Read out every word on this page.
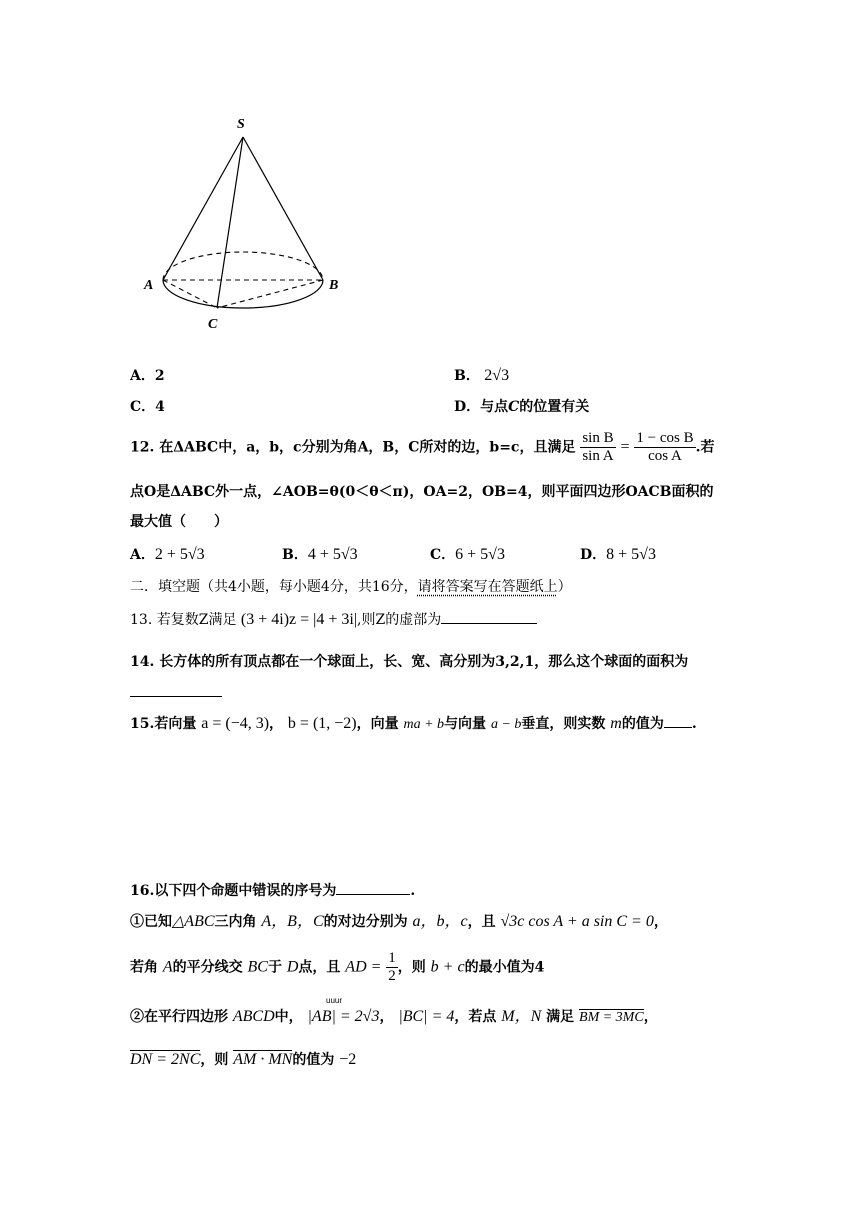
S
A	B
C
A．2	B． 2√3
C．4	D．与点C的位置有关
12. 在ΔABC中，a，b，c分别为角A，B，C所对的边，b=c，且满足 $\frac{\text{sin B}}{\text{sin A}} = \frac{\text{1 − cos B}}{\text{cos A}}$ .若
点O是ΔABC外一点，∠AOB=θ(0＜θ＜π)，OA=2，OB=4，则平面四边形OACB面积的
最大值（　　）
A．2 + 5√3	B．4 + 5√3	C．6 + 5√3	D．8 + 5√3
二．填空题（共4小题，每小题4分，共16分，请将答案写在答题纸上）
13. 若复数Z满足 (3 + 4i)z = |4 + 3i|,则Z的虚部为
14. 长方体的所有顶点都在一个球面上，长、宽、高分别为3,2,1，那么这个球面的面积为
15.若向量 a = (−4, 3)， b = (1, −2)，向量 ma + b与向量 a − b垂直，则实数 m的值为 .
16.以下四个命题中错误的序号为	.
①已知△ABC三内角 A，B，C的对边分别为 a，b，c，且 √3c cos A + a sin C = 0，
若角 A的平分线交 BC于 D点，且 AD = $\frac{1}{2}$ ，则 b + c的最小值为4
uuur
②在平行四边形 ABCD中， |AB| = 2√3， |BC| = 4，若点 M，N 满足 BM = 3MC，
DN = 2NC，则 AM · MN的值为 −2
